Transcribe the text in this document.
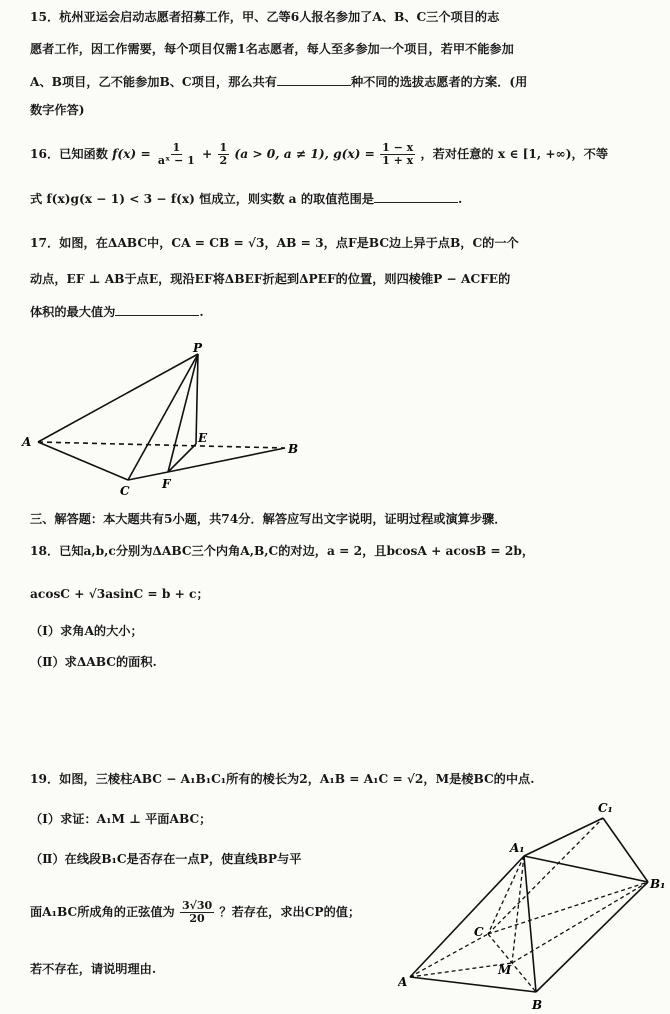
15．杭州亚运会启动志愿者招募工作，甲、乙等6人报名参加了A、B、C三个项目的志
愿者工作，因工作需要，每个项目仅需1名志愿者，每人至多参加一个项目，若甲不能参加
A、B项目，乙不能参加B、C项目，那么共有	种不同的选拔志愿者的方案．(用
数字作答)
16．已知函数 $f(x) = \frac{1}{\text{aˣ − 1}} + \frac{1}{2} (a > 0$, a ≠ 1), $g(x) = \frac{1 - x}{1 + x}$ ，若对任意的 x ∈ [1, +∞)，不等
式 f(x)g(x − 1) < 3 − f(x) 恒成立，则实数 a 的取值范围是	.
17．如图，在ΔABC中，CA = CB = √3，AB = 3，点F是BC边上异于点B，C的一个
动点，EF ⊥ AB于点E，现沿EF将ΔBEF折起到ΔPEF的位置，则四棱锥P − ACFE的
体积的最大值为	.
P
A	E
B
C	F
三、解答题：本大题共有5小题，共74分．解答应写出文字说明，证明过程或演算步骤．
18．已知a,b,c分别为ΔABC三个内角A,B,C的对边，a = 2，且bcosA + acosB = 2b，
acosC + √3asinC = b + c；
（Ⅰ）求角A的大小；
（Ⅱ）求ΔABC的面积.
19．如图，三棱柱ABC − A₁B₁C₁所有的棱长为2，A₁B = A₁C = √2，M是棱BC的中点.
（Ⅰ）求证：A₁M ⊥ 平面ABC；
（Ⅱ）在线段B₁C是否存在一点P，使直线BP与平
面A₁BC所成角的正弦值为 $\frac{3√30}{20}$ ？若存在，求出CP的值；
若不存在，请说明理由.
A₁
C₁
B₁
C
M
A
B
